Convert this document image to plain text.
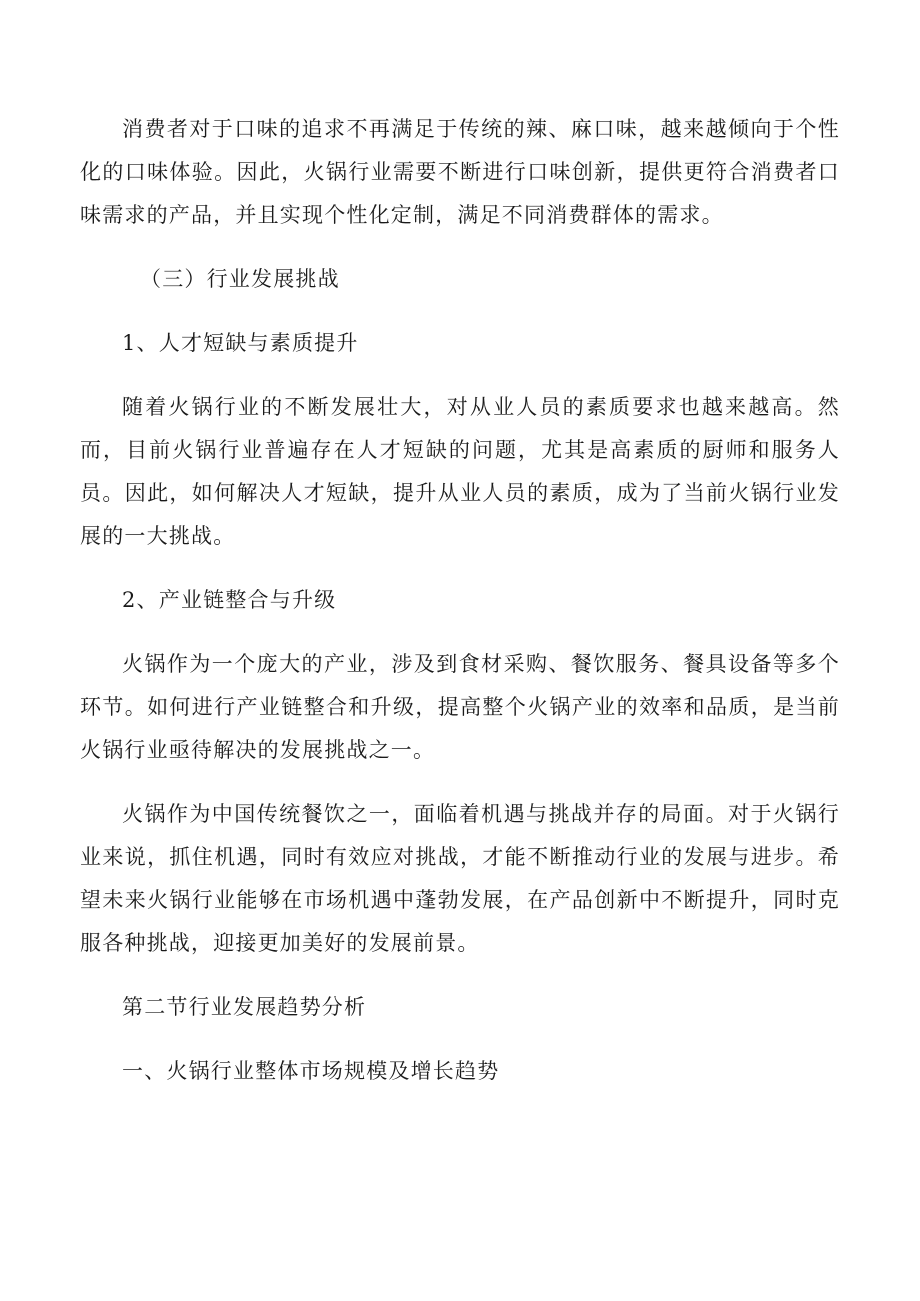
消费者对于口味的追求不再满足于传统的辣、麻口味，越来越倾向于个性化的口味体验。因此，火锅行业需要不断进行口味创新，提供更符合消费者口味需求的产品，并且实现个性化定制，满足不同消费群体的需求。

（三）行业发展挑战

1、人才短缺与素质提升

随着火锅行业的不断发展壮大，对从业人员的素质要求也越来越高。然而，目前火锅行业普遍存在人才短缺的问题，尤其是高素质的厨师和服务人员。因此，如何解决人才短缺，提升从业人员的素质，成为了当前火锅行业发展的一大挑战。

2、产业链整合与升级

火锅作为一个庞大的产业，涉及到食材采购、餐饮服务、餐具设备等多个环节。如何进行产业链整合和升级，提高整个火锅产业的效率和品质，是当前火锅行业亟待解决的发展挑战之一。

火锅作为中国传统餐饮之一，面临着机遇与挑战并存的局面。对于火锅行业来说，抓住机遇，同时有效应对挑战，才能不断推动行业的发展与进步。希望未来火锅行业能够在市场机遇中蓬勃发展，在产品创新中不断提升，同时克服各种挑战，迎接更加美好的发展前景。

第二节行业发展趋势分析

一、火锅行业整体市场规模及增长趋势
